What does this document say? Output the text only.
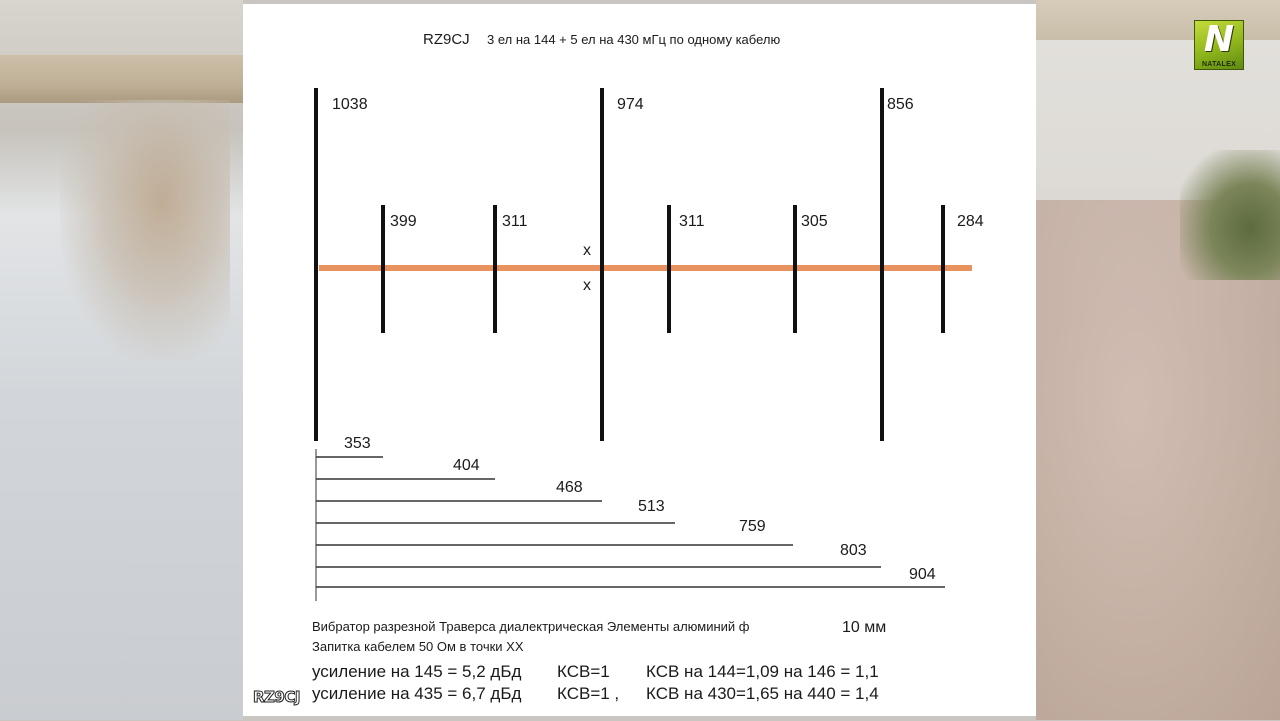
N
NATALEX
RZ9CJ 3 ел на 144 + 5 ел на 430 мГц по одному кабелю
1038
399	311
974
311	305
856
284
x
x
353
404
468
513
759
803
904
Вибратор разрезной Траверса диалектрическая Элементы алюминий ф	10 мм
Запитка кабелем 50 Ом в точки ХХ
усиление на 145 = 5,2 дБд КСВ=1 КСВ на 144=1,09 на 146 = 1,1
усиление на 435 = 6,7 дБд КСВ=1 , КСВ на 430=1,65 на 440 = 1,4
RZ9CJ
